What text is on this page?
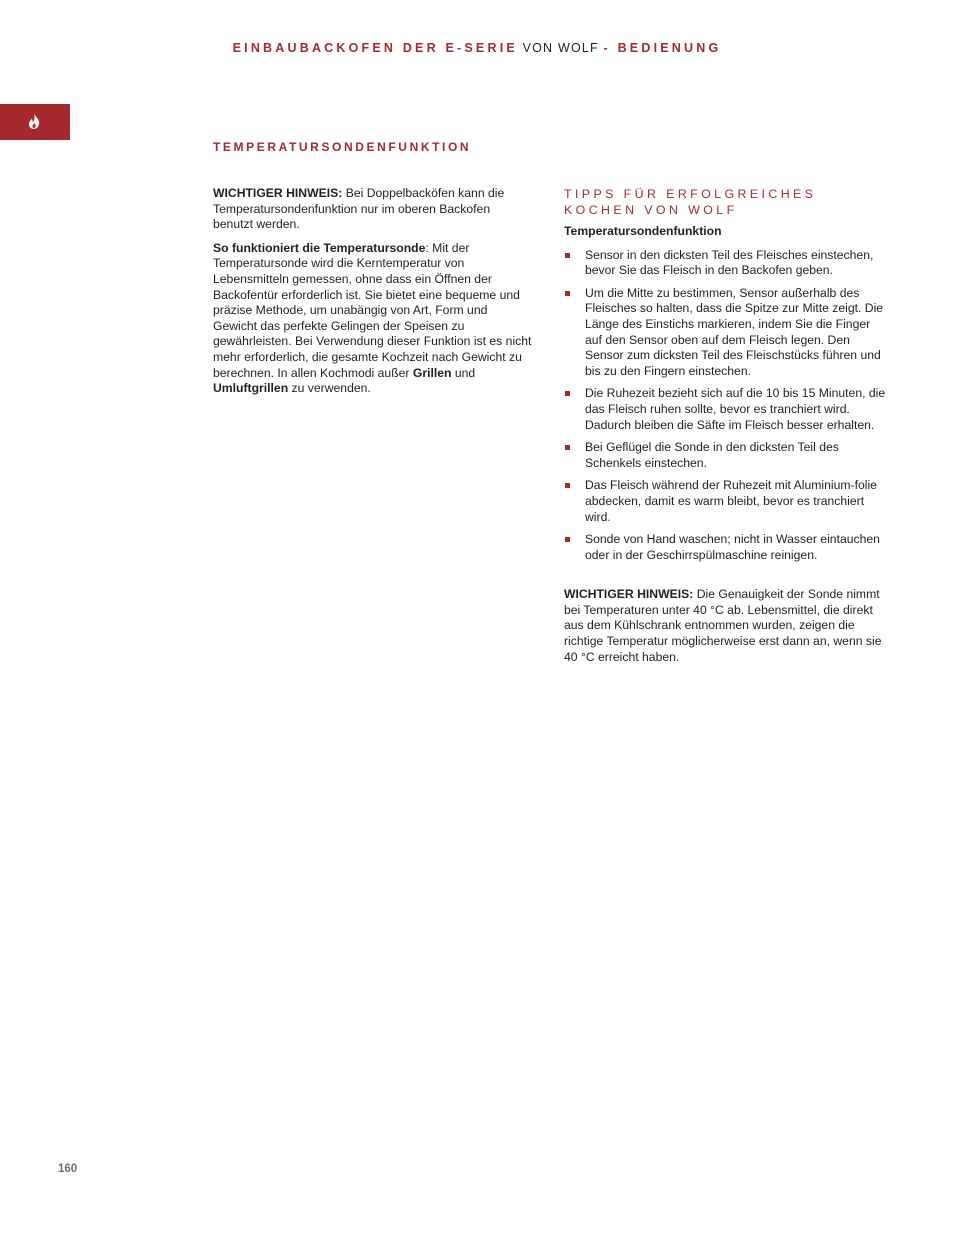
EINBAUBACKOFEN DER E-SERIE VON WOLF - BEDIENUNG
TEMPERATURSONDENFUNKTION

WICHTIGER HINWEIS: Bei Doppelbacköfen kann die Temperatursondenfunktion nur im oberen Backofen benutzt werden.

So funktioniert die Temperatursonde: Mit der Temperatursonde wird die Kerntemperatur von Lebensmitteln gemessen, ohne dass ein Öffnen der Backofentür erforderlich ist. Sie bietet eine bequeme und präzise Methode, um unabängig von Art, Form und Gewicht das perfekte Gelingen der Speisen zu gewährleisten. Bei Verwendung dieser Funktion ist es nicht mehr erforderlich, die gesamte Kochzeit nach Gewicht zu berechnen. In allen Kochmodi außer Grillen und Umluftgrillen zu verwenden.

TIPPS FÜR ERFOLGREICHES KOCHEN VON WOLF
Temperatursondenfunktion
Sensor in den dicksten Teil des Fleisches einstechen, bevor Sie das Fleisch in den Backofen geben.
Um die Mitte zu bestimmen, Sensor außerhalb des Fleisches so halten, dass die Spitze zur Mitte zeigt. Die Länge des Einstichs markieren, indem Sie die Finger auf den Sensor oben auf dem Fleisch legen. Den Sensor zum dicksten Teil des Fleischstücks führen und bis zu den Fingern einstechen.
Die Ruhezeit bezieht sich auf die 10 bis 15 Minuten, die das Fleisch ruhen sollte, bevor es tranchiert wird. Dadurch bleiben die Säfte im Fleisch besser erhalten.
Bei Geflügel die Sonde in den dicksten Teil des Schenkels einstechen.
Das Fleisch während der Ruhezeit mit Aluminium-folie abdecken, damit es warm bleibt, bevor es tranchiert wird.
Sonde von Hand waschen; nicht in Wasser eintauchen oder in der Geschirrspülmaschine reinigen.

WICHTIGER HINWEIS: Die Genauigkeit der Sonde nimmt bei Temperaturen unter 40 °C ab. Lebensmittel, die direkt aus dem Kühlschrank entnommen wurden, zeigen die richtige Temperatur möglicherweise erst dann an, wenn sie 40 °C erreicht haben.

160
